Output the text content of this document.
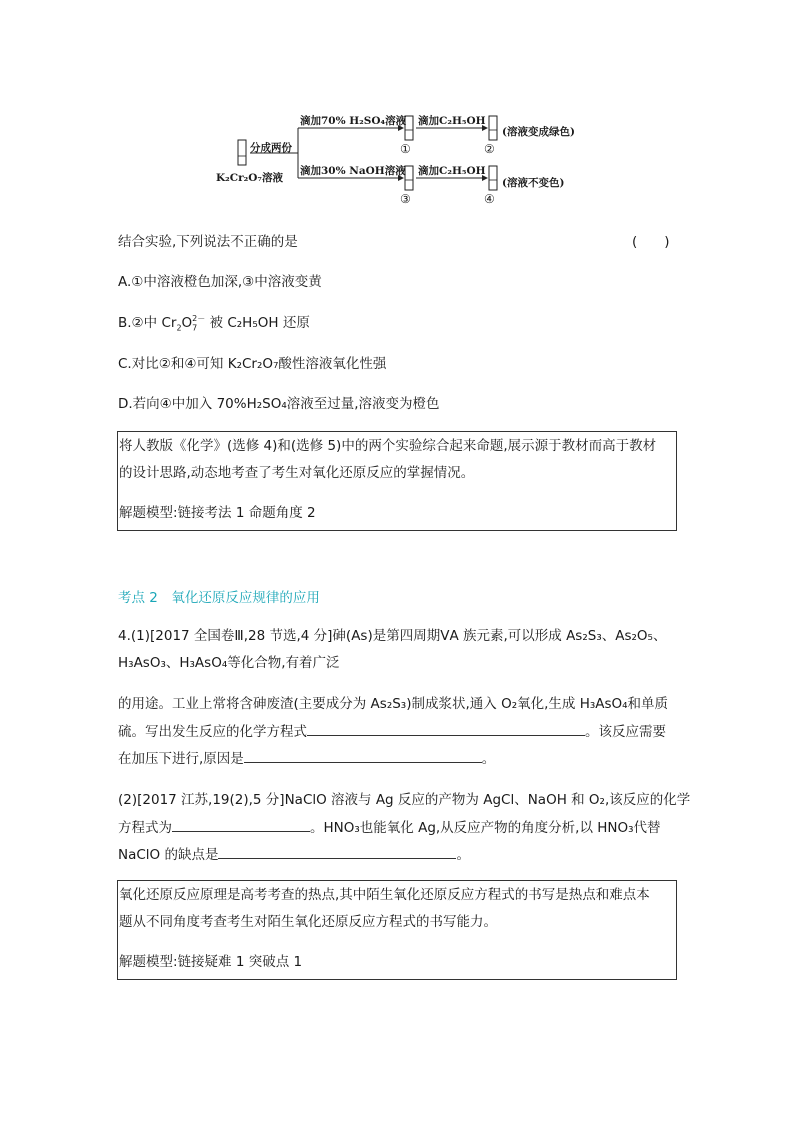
K₂Cr₂O₇溶液
分成两份
滴加70% H₂SO₄溶液
滴加30% NaOH溶液
滴加C₂H₅OH
滴加C₂H₅OH
①	②
③	④
(溶液变成绿色)
(溶液不变色)
结合实验,下列说法不正确的是	(　　)
A.①中溶液橙色加深,③中溶液变黄
B.②中 $Cr_2O$ 2－
$_7$ 被 C₂H₅OH 还原
C.对比②和④可知 K₂Cr₂O₇酸性溶液氧化性强
D.若向④中加入 70%H₂SO₄溶液至过量,溶液变为橙色
将人教版《化学》(选修 4)和(选修 5)中的两个实验综合起来命题,展示源于教材而高于教材
的设计思路,动态地考查了考生对氧化还原反应的掌握情况。
解题模型:链接考法 1 命题角度 2
考点 2　氧化还原反应规律的应用
4.(1)[2017 全国卷Ⅲ,28 节选,4 分]砷(As)是第四周期ⅤA 族元素,可以形成 As₂S₃、As₂O₅、
H₃AsO₃、H₃AsO₄等化合物,有着广泛
的用途。工业上常将含砷废渣(主要成分为 As₂S₃)制成浆状,通入 O₂氧化,生成 H₃AsO₄和单质
硫。写出发生反应的化学方程式	。该反应需要
在加压下进行,原因是	。
(2)[2017 江苏,19(2),5 分]NaClO 溶液与 Ag 反应的产物为 AgCl、NaOH 和 O₂,该反应的化学
方程式为	。HNO₃也能氧化 Ag,从反应产物的角度分析,以 HNO₃代替
NaClO 的缺点是	。
氧化还原反应原理是高考考查的热点,其中陌生氧化还原反应方程式的书写是热点和难点本
题从不同角度考查考生对陌生氧化还原反应方程式的书写能力。
解题模型:链接疑难 1 突破点 1
